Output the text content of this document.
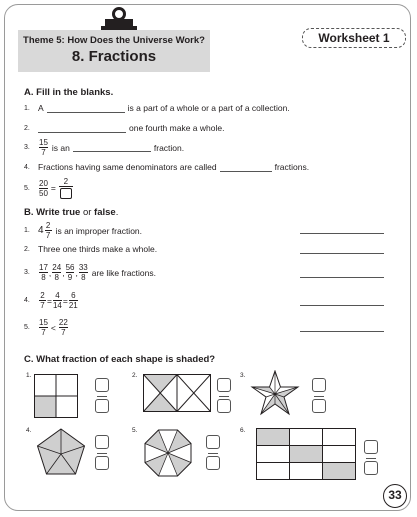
Theme 5: How Does the Universe Work?
8. Fractions
Worksheet 1
A. Fill in the blanks.
1. A	is a part of a whole or a part of a collection.
2.	one fourth make a whole.
3.	$\frac{15}{7}$ is an	fraction.
4. Fractions having same denominators are called	fractions.
5.	$\frac{20}{50}$ =
2
B. Write true or false.
1. $4 \frac{2}{7}$ is an improper fraction.
2. Three one thirds make a whole.
3.	$\frac{17}{8}$ , $\frac{24}{8}$ , $\frac{56}{9}$ , $\frac{33}{8}$ are like fractions.
4.	$\frac{2}{7} = \frac{4}{14} = \frac{6}{21}$
5.	$\frac{15}{7} < \frac{22}{7}$
C. What fraction of each shape is shaded?
1.	2.	3.
4.	5.	6.
33
